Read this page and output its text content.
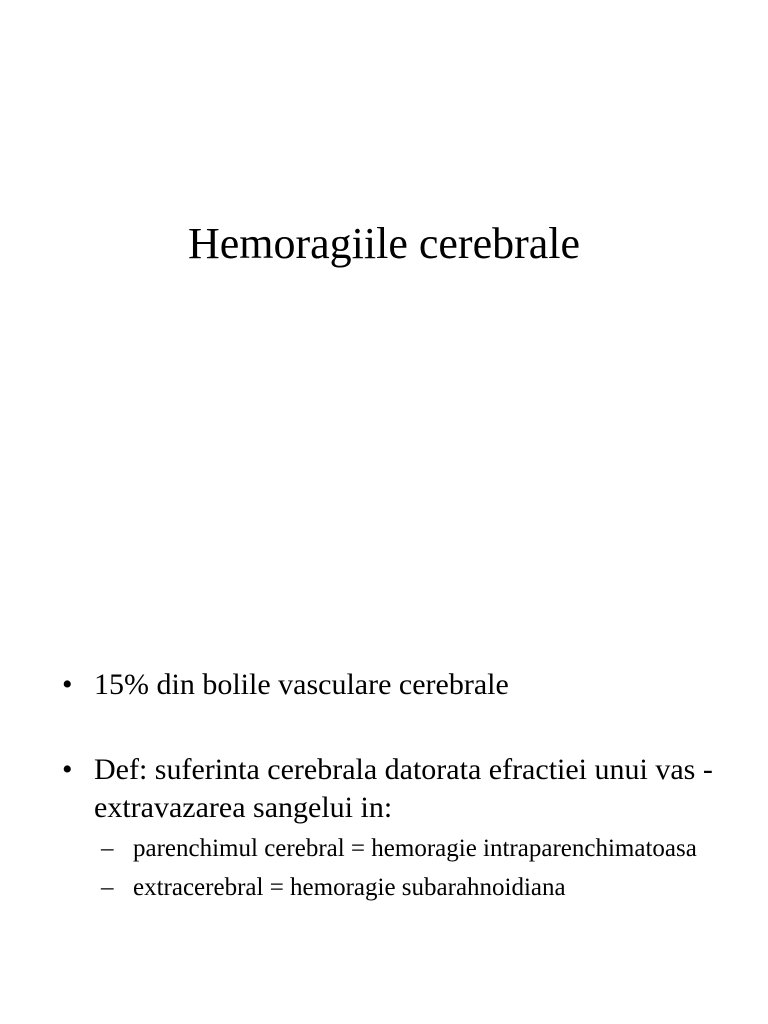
Hemoragiile cerebrale
• 15% din bolile vasculare cerebrale
• Def: suferinta cerebrala datorata efractiei unui vas - extravazarea sangelui in:
– parenchimul cerebral = hemoragie intraparenchimatoasa
– extracerebral = hemoragie subarahnoidiana
